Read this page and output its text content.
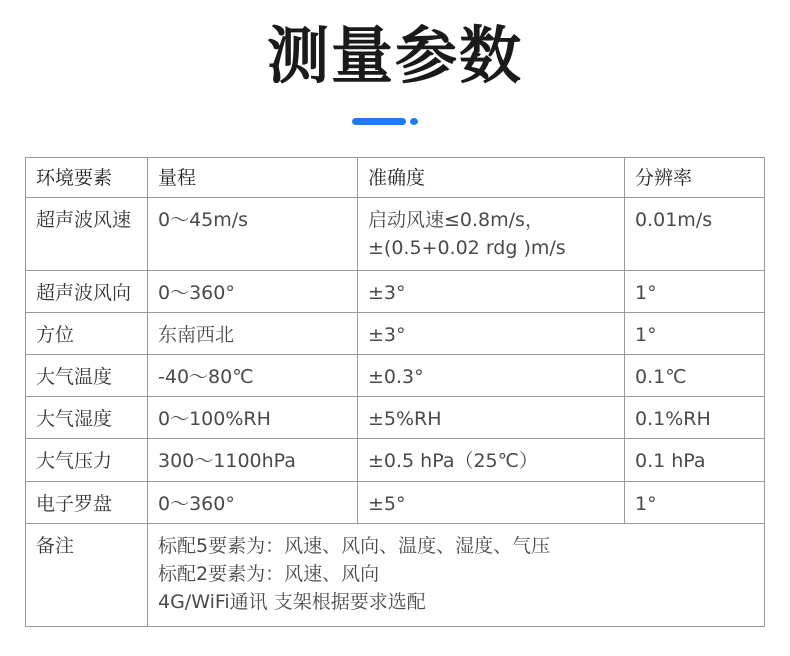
测量参数
环境要素	量程	准确度	分辨率
超声波风速	0～45m/s	启动风速≤0.8m/s，
±(0.5+0.02 rdg )m/s	0.01m/s
超声波风向	0～360°	±3°	1°
方位	东南西北	±3°	1°
大气温度	-40～80℃	±0.3°	0.1℃
大气湿度	0～100%RH	±5%RH	0.1%RH
大气压力	300～1100hPa	±0.5 hPa（25℃）	0.1 hPa
电子罗盘	0～360°	±5°	1°
备注	标配5要素为：风速、风向、温度、湿度、气压
标配2要素为：风速、风向
4G/WiFi通讯 支架根据要求选配		
